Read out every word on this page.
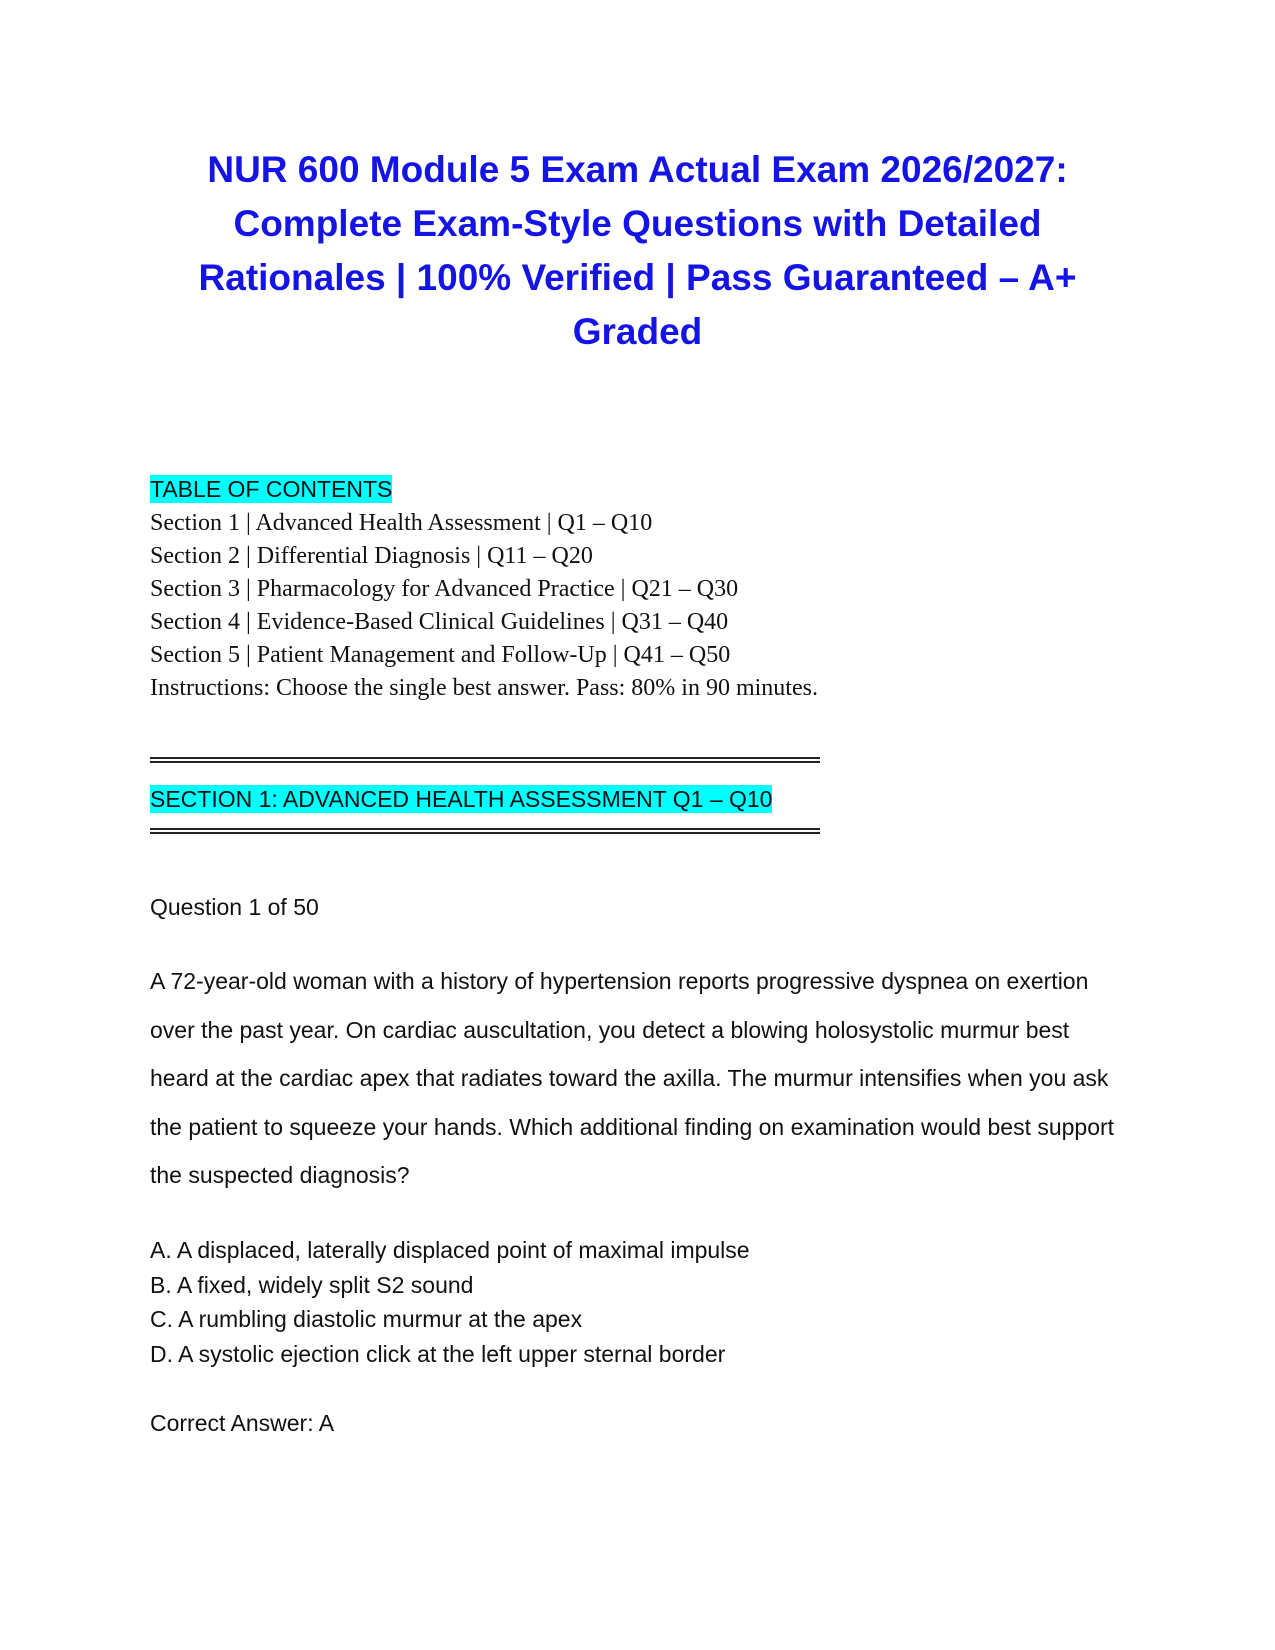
NUR 600 Module 5 Exam Actual Exam 2026/2027:
Complete Exam-Style Questions with Detailed
Rationales | 100% Verified | Pass Guaranteed – A+
Graded
TABLE OF CONTENTS
Section 1 | Advanced Health Assessment | Q1 – Q10
Section 2 | Differential Diagnosis | Q11 – Q20
Section 3 | Pharmacology for Advanced Practice | Q21 – Q30
Section 4 | Evidence-Based Clinical Guidelines | Q31 – Q40
Section 5 | Patient Management and Follow-Up | Q41 – Q50
Instructions: Choose the single best answer. Pass: 80% in 90 minutes.
SECTION 1: ADVANCED HEALTH ASSESSMENT Q1 – Q10
Question 1 of 50

A 72-year-old woman with a history of hypertension reports progressive dyspnea on exertion over the past year. On cardiac auscultation, you detect a blowing holosystolic murmur best heard at the cardiac apex that radiates toward the axilla. The murmur intensifies when you ask the patient to squeeze your hands. Which additional finding on examination would best support the suspected diagnosis?

A. A displaced, laterally displaced point of maximal impulse
B. A fixed, widely split S2 sound
C. A rumbling diastolic murmur at the apex
D. A systolic ejection click at the left upper sternal border
Correct Answer: A
